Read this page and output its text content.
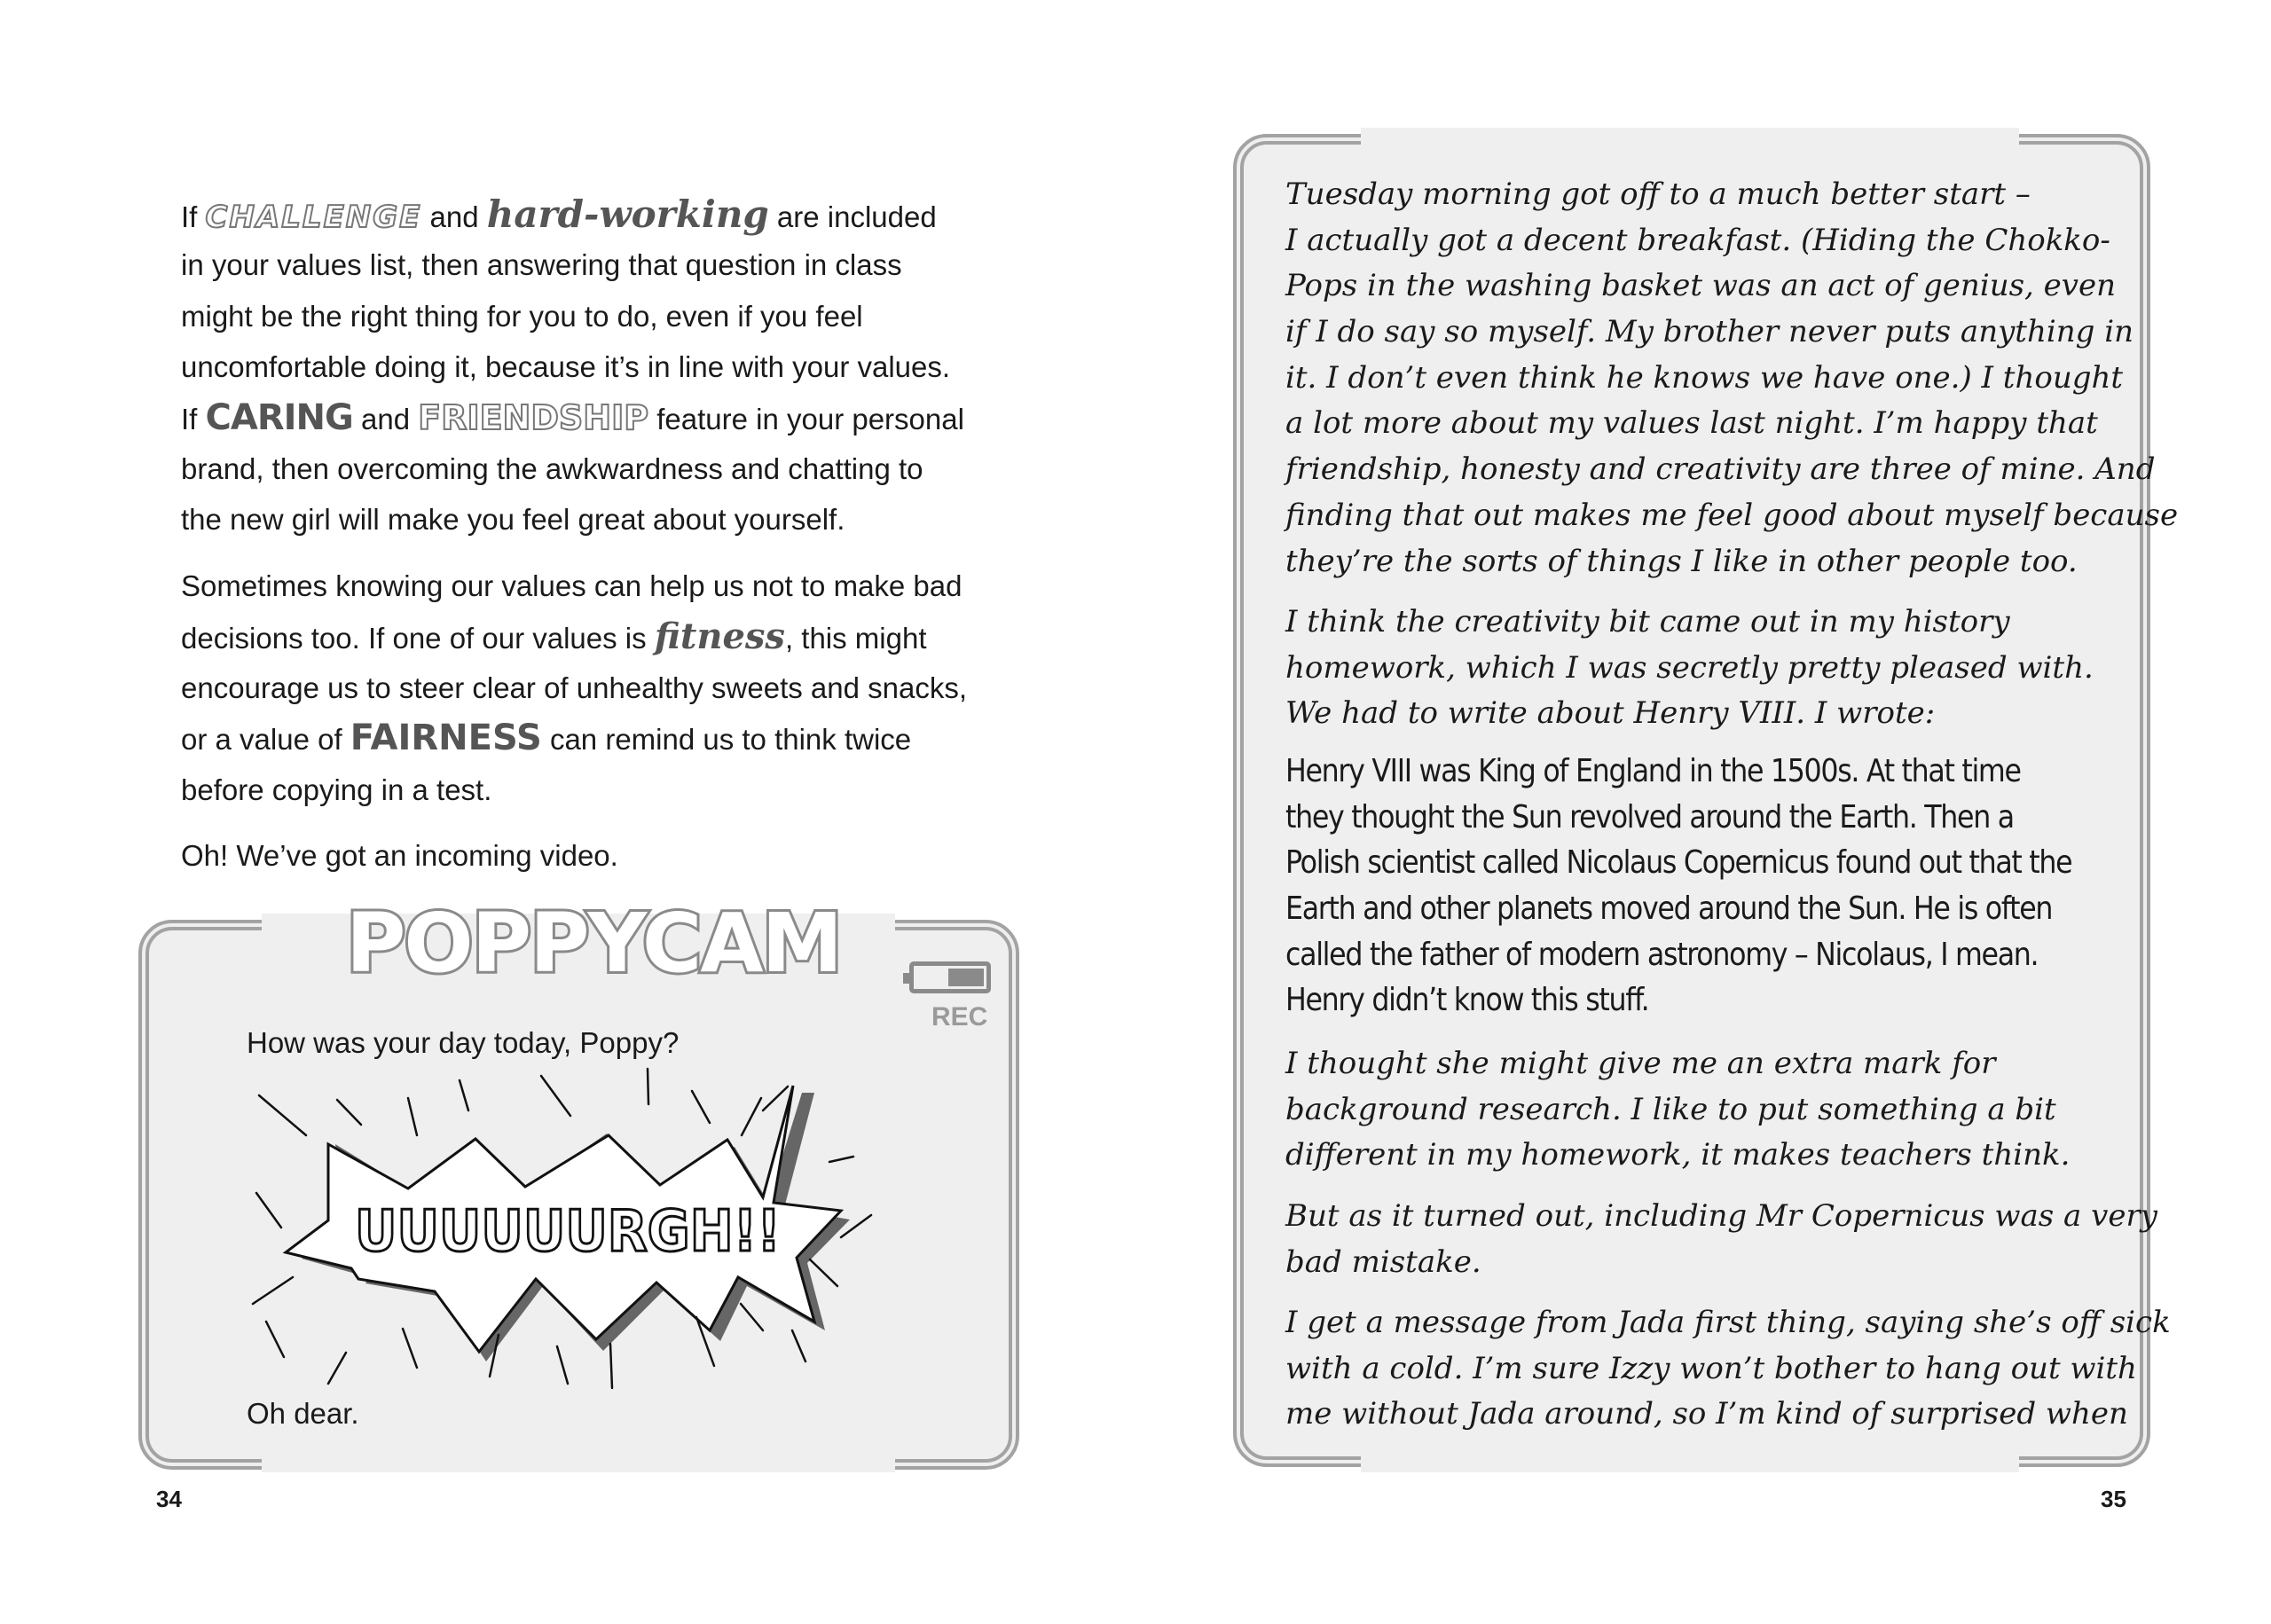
If CHALLENGE and hard-working are included
in your values list, then answering that question in class
might be the right thing for you to do, even if you feel
uncomfortable doing it, because it’s in line with your values.
If CARING and FRIENDSHIP feature in your personal
brand, then overcoming the awkwardness and chatting to
the new girl will make you feel great about yourself.
Sometimes knowing our values can help us not to make bad
decisions too. If one of our values is fitness, this might
encourage us to steer clear of unhealthy sweets and snacks,
or a value of FAIRNESS can remind us to think twice
before copying in a test.
Oh! We’ve got an incoming video.
POPPYCAM
REC
How was your day today, Poppy?
UUUUUURGH!!
Oh dear.
34
Tuesday morning got off to a much better start –
I actually got a decent breakfast. (Hiding the Chokko-
Pops in the washing basket was an act of genius, even
if I do say so myself. My brother never puts anything in
it. I don’t even think he knows we have one.) I thought
a lot more about my values last night. I’m happy that
friendship, honesty and creativity are three of mine. And
finding that out makes me feel good about myself because
they’re the sorts of things I like in other people too.
I think the creativity bit came out in my history
homework, which I was secretly pretty pleased with.
We had to write about Henry VIII. I wrote:
Henry VIII was King of England in the 1500s. At that time
they thought the Sun revolved around the Earth. Then a
Polish scientist called Nicolaus Copernicus found out that the
Earth and other planets moved around the Sun. He is often
called the father of modern astronomy – Nicolaus, I mean.
Henry didn’t know this stuff.
I thought she might give me an extra mark for
background research. I like to put something a bit
different in my homework, it makes teachers think.
But as it turned out, including Mr Copernicus was a very
bad mistake.
I get a message from Jada first thing, saying she’s off sick
with a cold. I’m sure Izzy won’t bother to hang out with
me without Jada around, so I’m kind of surprised when
35
